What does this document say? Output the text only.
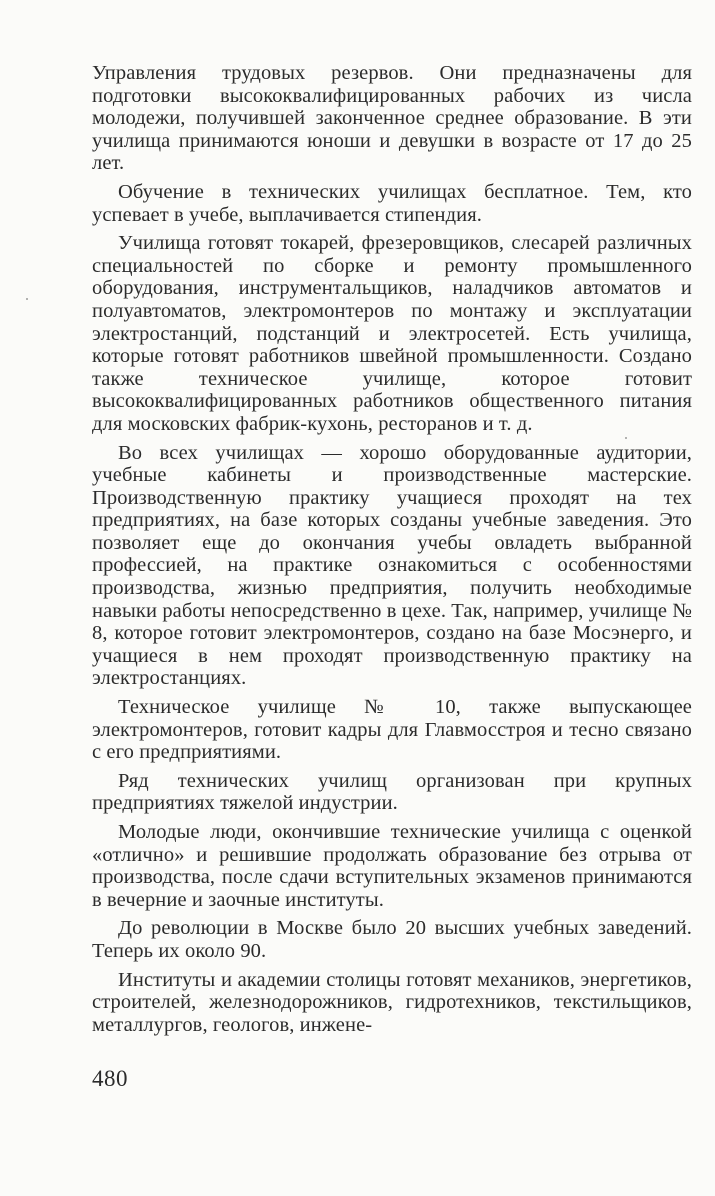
Управления трудовых резервов. Они предназначены для подготовки высококвалифицированных рабочих из числа молодежи, получившей законченное среднее образование. В эти училища принимаются юноши и девушки в возрасте от 17 до 25 лет.

Обучение в технических училищах бесплатное. Тем, кто успевает в учебе, выплачивается стипендия.

Училища готовят токарей, фрезеровщиков, слесарей различных специальностей по сборке и ремонту промышленного оборудования, инструментальщиков, наладчиков автоматов и полуавтоматов, электромонтеров по монтажу и эксплуатации электростанций, подстанций и электросетей. Есть училища, которые готовят работников швейной промышленности. Создано также техническое училище, которое готовит высококвалифицированных работников общественного питания для московских фабрик-кухонь, ресторанов и т. д.

Во всех училищах — хорошо оборудованные аудитории, учебные кабинеты и производственные мастерские. Производственную практику учащиеся проходят на тех предприятиях, на базе которых созданы учебные заведения. Это позволяет еще до окончания учебы овладеть выбранной профессией, на практике ознакомиться с особенностями производства, жизнью предприятия, получить необходимые навыки работы непосредственно в цехе. Так, например, училище № 8, которое готовит электромонтеров, создано на базе Мосэнерго, и учащиеся в нем проходят производственную практику на электростанциях.

Техническое училище № 10, также выпускающее электромонтеров, готовит кадры для Главмосстроя и тесно связано с его предприятиями.

Ряд технических училищ организован при крупных предприятиях тяжелой индустрии.

Молодые люди, окончившие технические училища с оценкой «отлично» и решившие продолжать образование без отрыва от производства, после сдачи вступительных экзаменов принимаются в вечерние и заочные институты.

До революции в Москве было 20 высших учебных заведений. Теперь их около 90.

Институты и академии столицы готовят механиков, энергетиков, строителей, железнодорожников, гидротехников, текстильщиков, металлургов, геологов, инжене-

480
